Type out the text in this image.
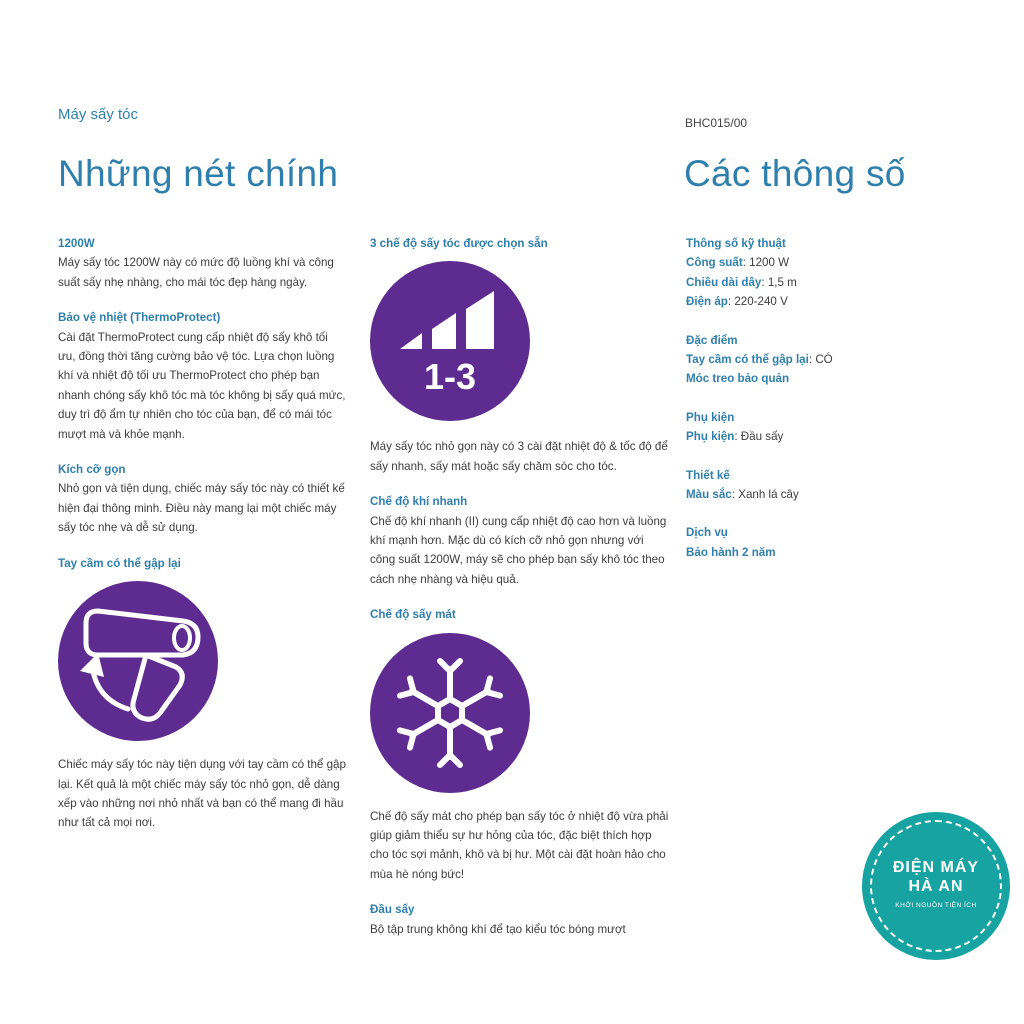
Máy sấy tóc	BHC015/00
Những nét chính	Các thông số
1200W
Máy sấy tóc 1200W này có mức độ luồng khí và công suất sấy nhẹ nhàng, cho mái tóc đẹp hàng ngày.
Bảo vệ nhiệt (ThermoProtect)
Cài đặt ThermoProtect cung cấp nhiệt độ sấy khô tối ưu, đồng thời tăng cường bảo vệ tóc. Lựa chọn luồng khí và nhiệt độ tối ưu ThermoProtect cho phép bạn nhanh chóng sấy khô tóc mà tóc không bị sấy quá mức, duy trì độ ẩm tự nhiên cho tóc của bạn, để có mái tóc mượt mà và khỏe mạnh.
Kích cỡ gọn
Nhỏ gọn và tiện dụng, chiếc máy sấy tóc này có thiết kế hiện đại thông minh. Điều này mang lại một chiếc máy sấy tóc nhẹ và dễ sử dụng.
Tay cầm có thể gập lại
Chiếc máy sấy tóc này tiện dụng với tay cầm có thể gập lại. Kết quả là một chiếc máy sấy tóc nhỏ gọn, dễ dàng xếp vào những nơi nhỏ nhất và bạn có thể mang đi hầu như tất cả mọi nơi.
3 chế độ sấy tóc được chọn sẵn
1-3
Máy sấy tóc nhỏ gọn này có 3 cài đặt nhiệt độ & tốc độ để sấy nhanh, sấy mát hoặc sấy chăm sóc cho tóc.
Chế độ khí nhanh
Chế độ khí nhanh (II) cung cấp nhiệt độ cao hơn và luồng khí mạnh hơn. Mặc dù có kích cỡ nhỏ gọn nhưng với công suất 1200W, máy sẽ cho phép bạn sấy khô tóc theo cách nhẹ nhàng và hiệu quả.
Chế độ sấy mát
Chế độ sấy mát cho phép bạn sấy tóc ở nhiệt độ vừa phải giúp giảm thiểu sự hư hỏng của tóc, đặc biệt thích hợp cho tóc sợi mảnh, khô và bị hư. Một cài đặt hoàn hảo cho mùa hè nóng bức!
Đầu sấy
Bộ tập trung không khí để tạo kiểu tóc bóng mượt
Thông số kỹ thuật
Công suất: 1200 W
Chiều dài dây: 1,5 m
Điện áp: 220-240 V
Đặc điểm
Tay cầm có thể gập lại: CÓ
Móc treo bảo quản
Phụ kiện
Phụ kiện: Đầu sấy
Thiết kế
Màu sắc: Xanh lá cây
Dịch vụ
Bảo hành 2 năm
ĐIỆN MÁY
HÀ AN
KHỞI NGUỒN TIỆN ÍCH
